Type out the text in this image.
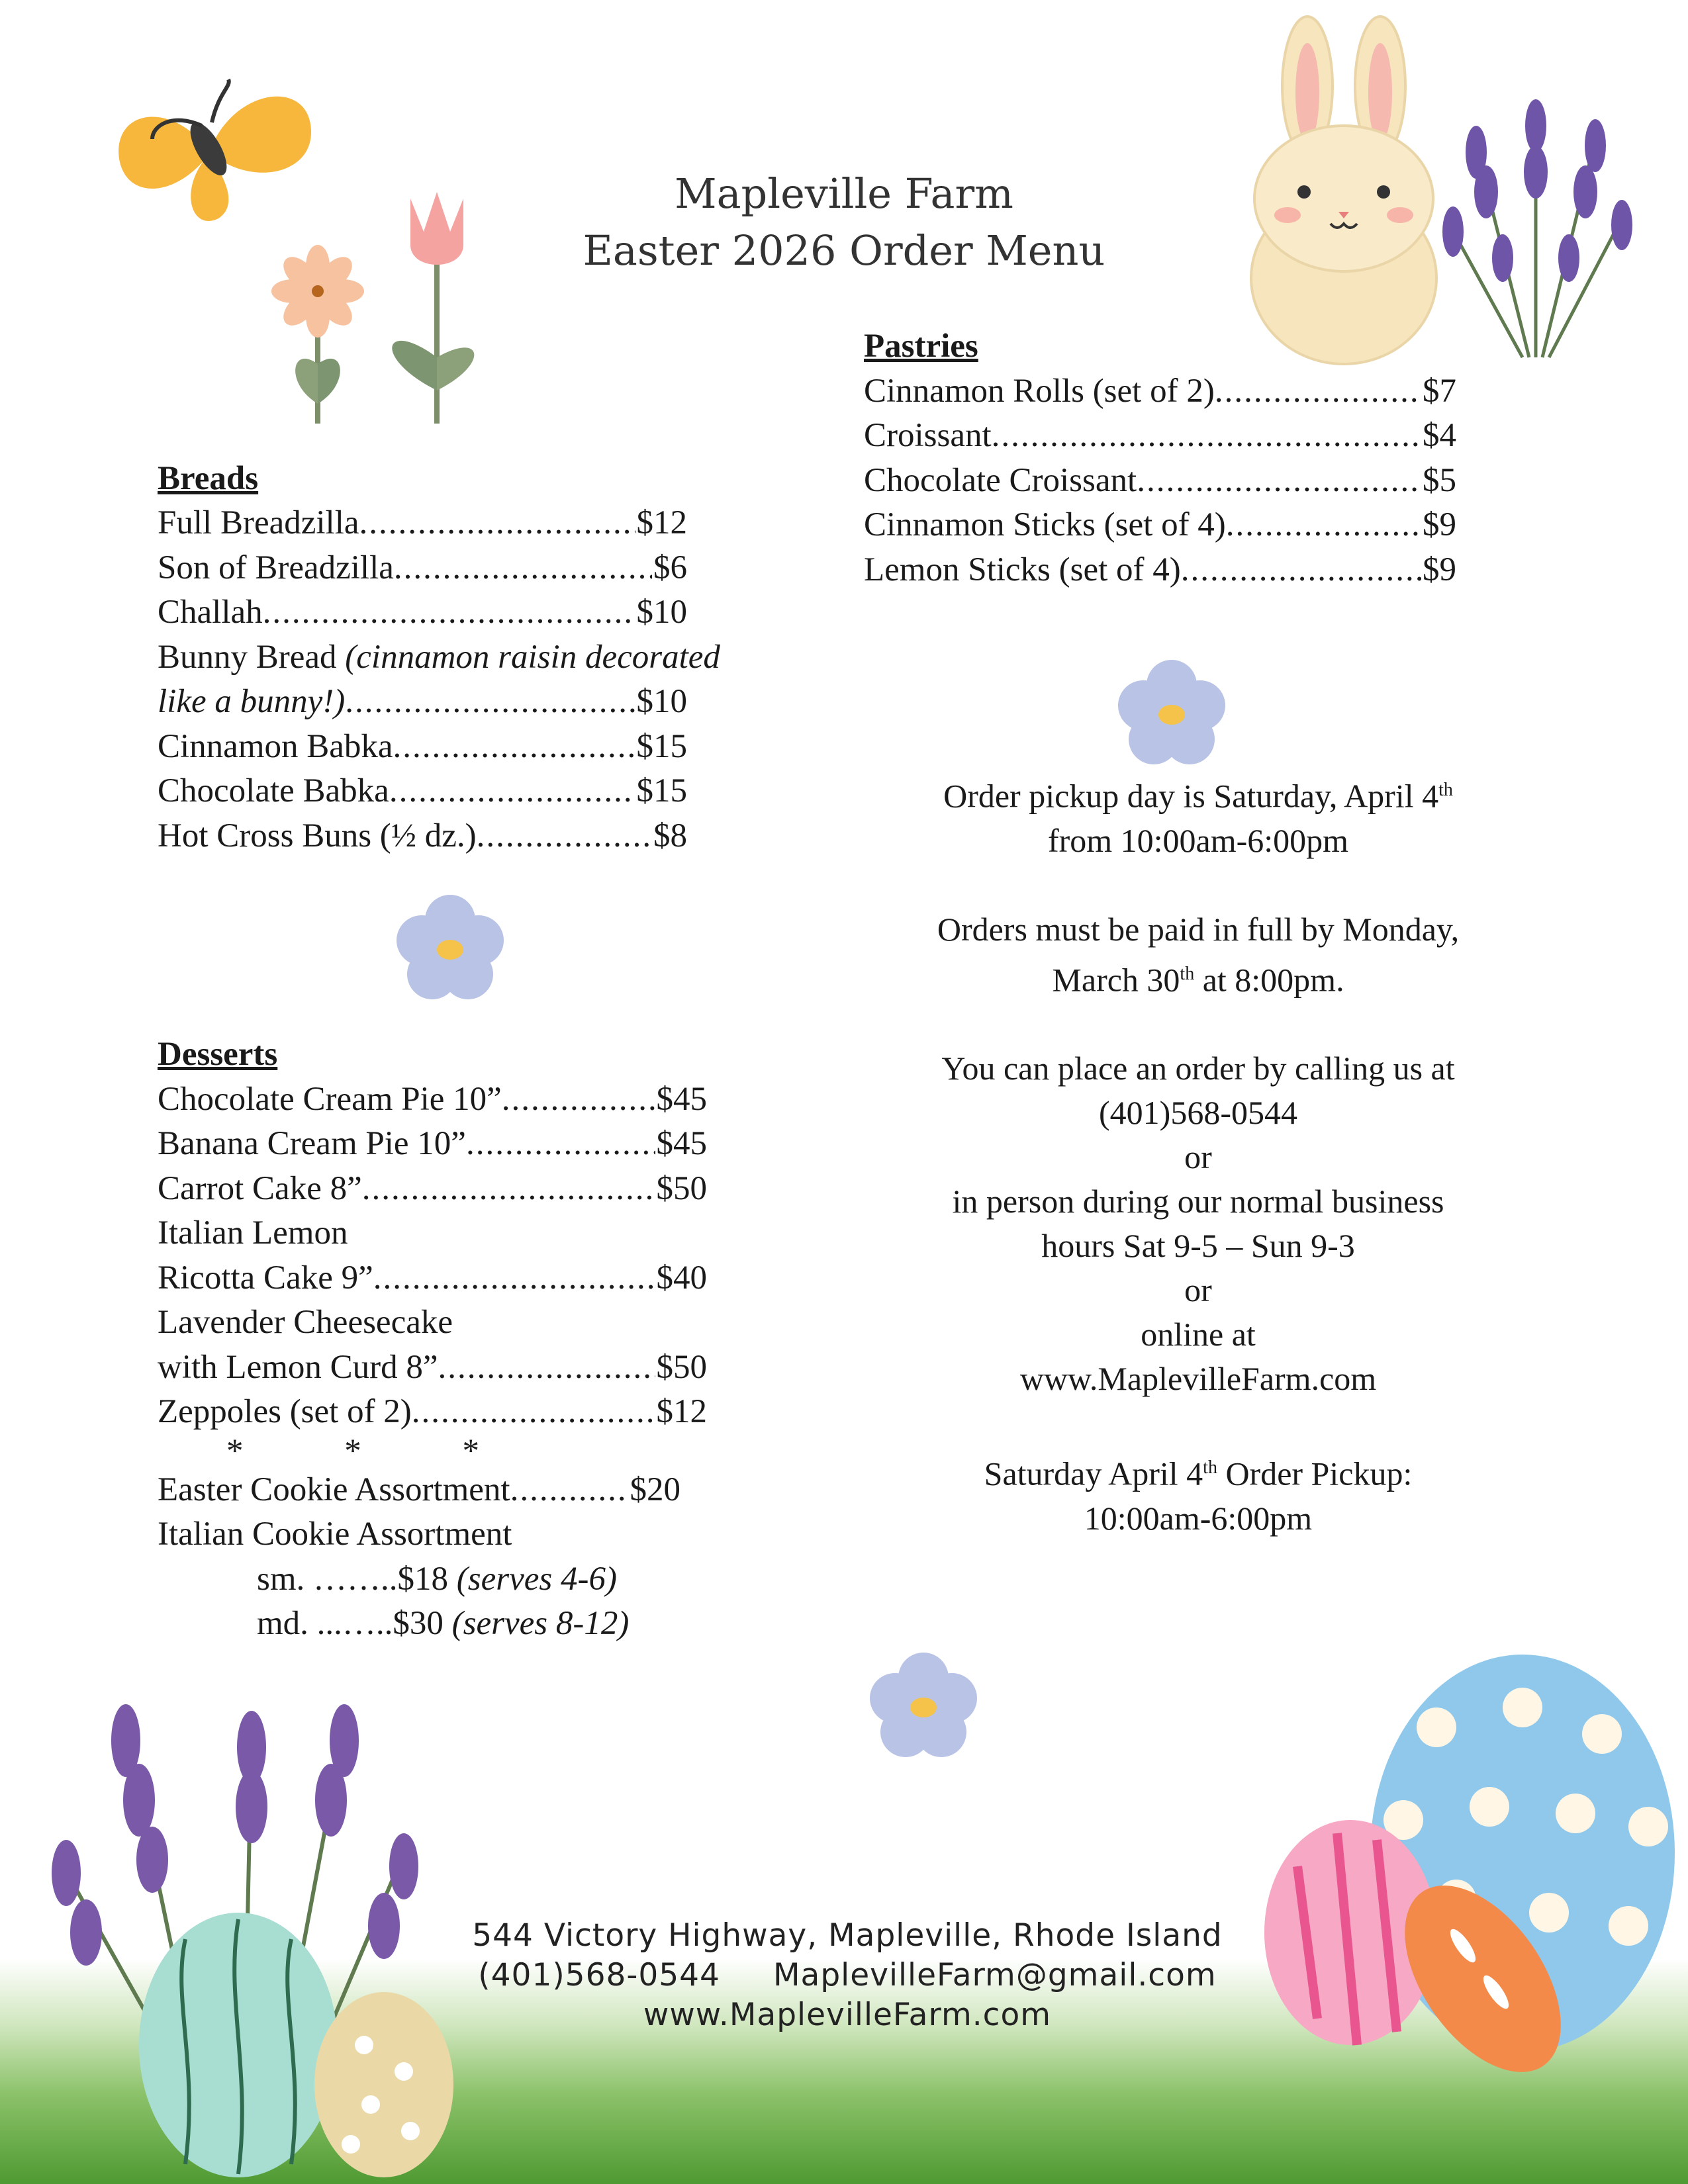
Mapleville Farm
Easter 2026 Order Menu
Breads
Full Breadzilla .....	$12
Son of Breadzilla .....	$6
Challah .....	$10
Bunny Bread (cinnamon raisin decorated
like a bunny!) .....	$10
Cinnamon Babka .....	$15
Chocolate Babka .....	$15
Hot Cross Buns (½ dz.) .....	$8
Pastries
Cinnamon Rolls (set of 2) .....	$7
Croissant .....	$4
Chocolate Croissant .....	$5
Cinnamon Sticks (set of 4) .....	$9
Lemon Sticks (set of 4) .....	$9
Desserts
Chocolate Cream Pie 10” .....	$45
Banana Cream Pie 10” .....	$45
Carrot Cake 8” .....	$50
Italian Lemon
Ricotta Cake 9” .....	$40
Lavender Cheesecake
with Lemon Curd 8” .....	$50
Zeppoles (set of 2) .....	$12
* * *
Easter Cookie Assortment .....	$20
Italian Cookie Assortment
sm. ……..$18 (serves 4-6)
md. ...…..$30 (serves 8-12)

Order pickup day is Saturday, April 4th
from 10:00am-6:00pm

Orders must be paid in full by Monday,
March 30th at 8:00pm.

You can place an order by calling us at
(401)568-0544
or
in person during our normal business
hours Sat 9-5 – Sun 9-3
or
online at
www.MaplevilleFarm.com

Saturday April 4th Order Pickup:
10:00am-6:00pm

544 Victory Highway, Mapleville, Rhode Island
(401)568-0544 MaplevilleFarm@gmail.com
www.MaplevilleFarm.com
